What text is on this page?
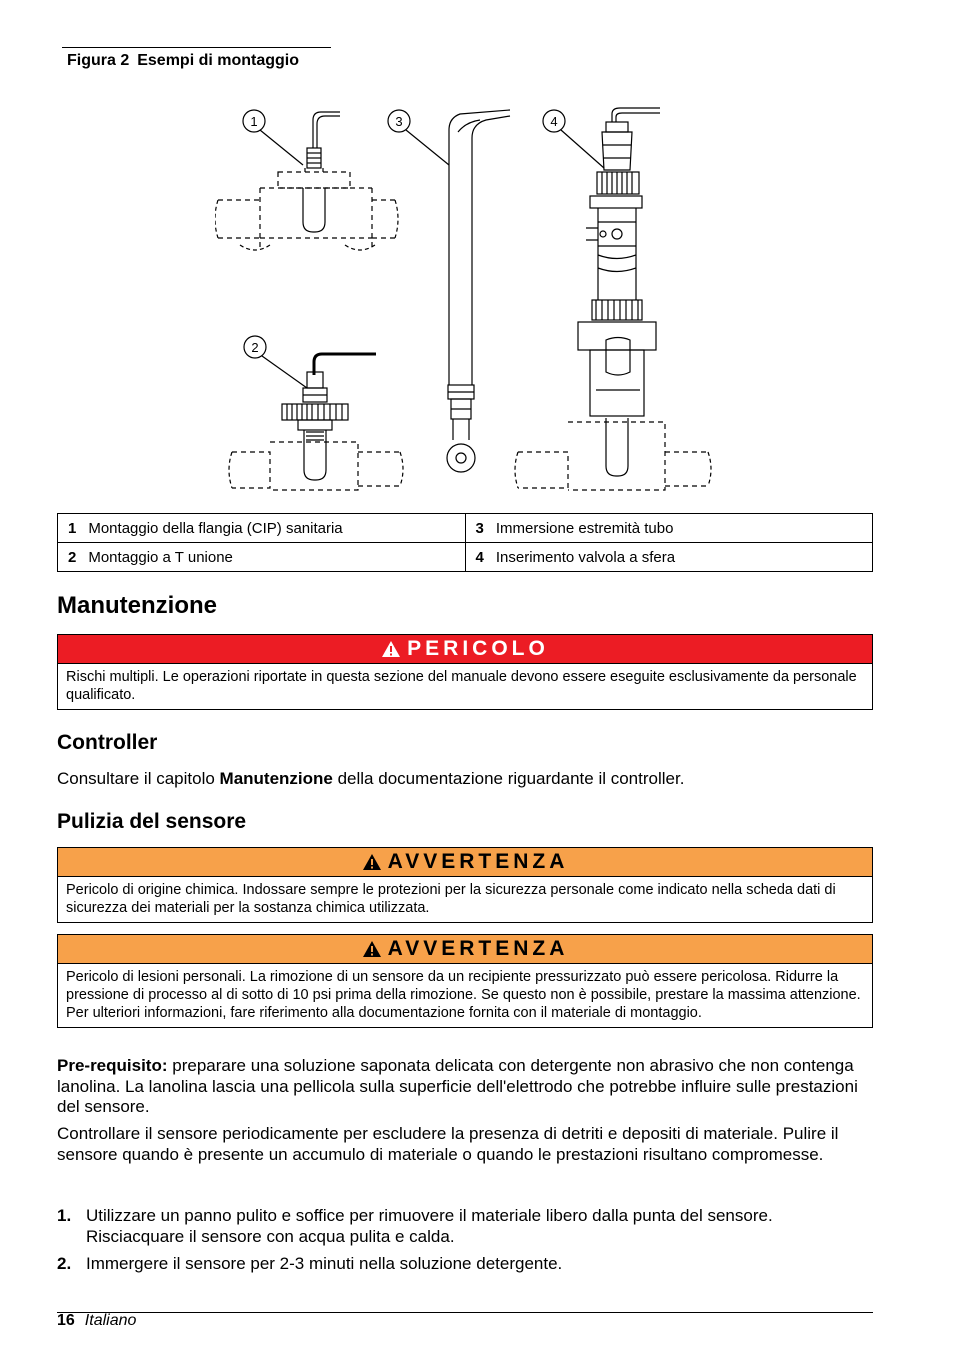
Figura 2 Esempi di montaggio
1
2
3	4
1 Montaggio della flangia (CIP) sanitaria	3 Immersione estremità tubo
2 Montaggio a T unione	4 Inserimento valvola a sfera
Manutenzione
PERICOLO
Rischi multipli. Le operazioni riportate in questa sezione del manuale devono essere eseguite esclusivamente da personale qualificato.
Controller
Consultare il capitolo Manutenzione della documentazione riguardante il controller.
Pulizia del sensore
AVVERTENZA
Pericolo di origine chimica. Indossare sempre le protezioni per la sicurezza personale come indicato nella scheda dati di sicurezza dei materiali per la sostanza chimica utilizzata.
AVVERTENZA
Pericolo di lesioni personali. La rimozione di un sensore da un recipiente pressurizzato può essere pericolosa. Ridurre la pressione di processo al di sotto di 10 psi prima della rimozione. Se questo non è possibile, prestare la massima attenzione. Per ulteriori informazioni, fare riferimento alla documentazione fornita con il materiale di montaggio.
Pre-requisito: preparare una soluzione saponata delicata con detergente non abrasivo che non contenga lanolina. La lanolina lascia una pellicola sulla superficie dell'elettrodo che potrebbe influire sulle prestazioni del sensore.
Controllare il sensore periodicamente per escludere la presenza di detriti e depositi di materiale. Pulire il sensore quando è presente un accumulo di materiale o quando le prestazioni risultano compromesse.
1. Utilizzare un panno pulito e soffice per rimuovere il materiale libero dalla punta del sensore. Risciacquare il sensore con acqua pulita e calda.
2. Immergere il sensore per 2-3 minuti nella soluzione detergente.
16 Italiano
